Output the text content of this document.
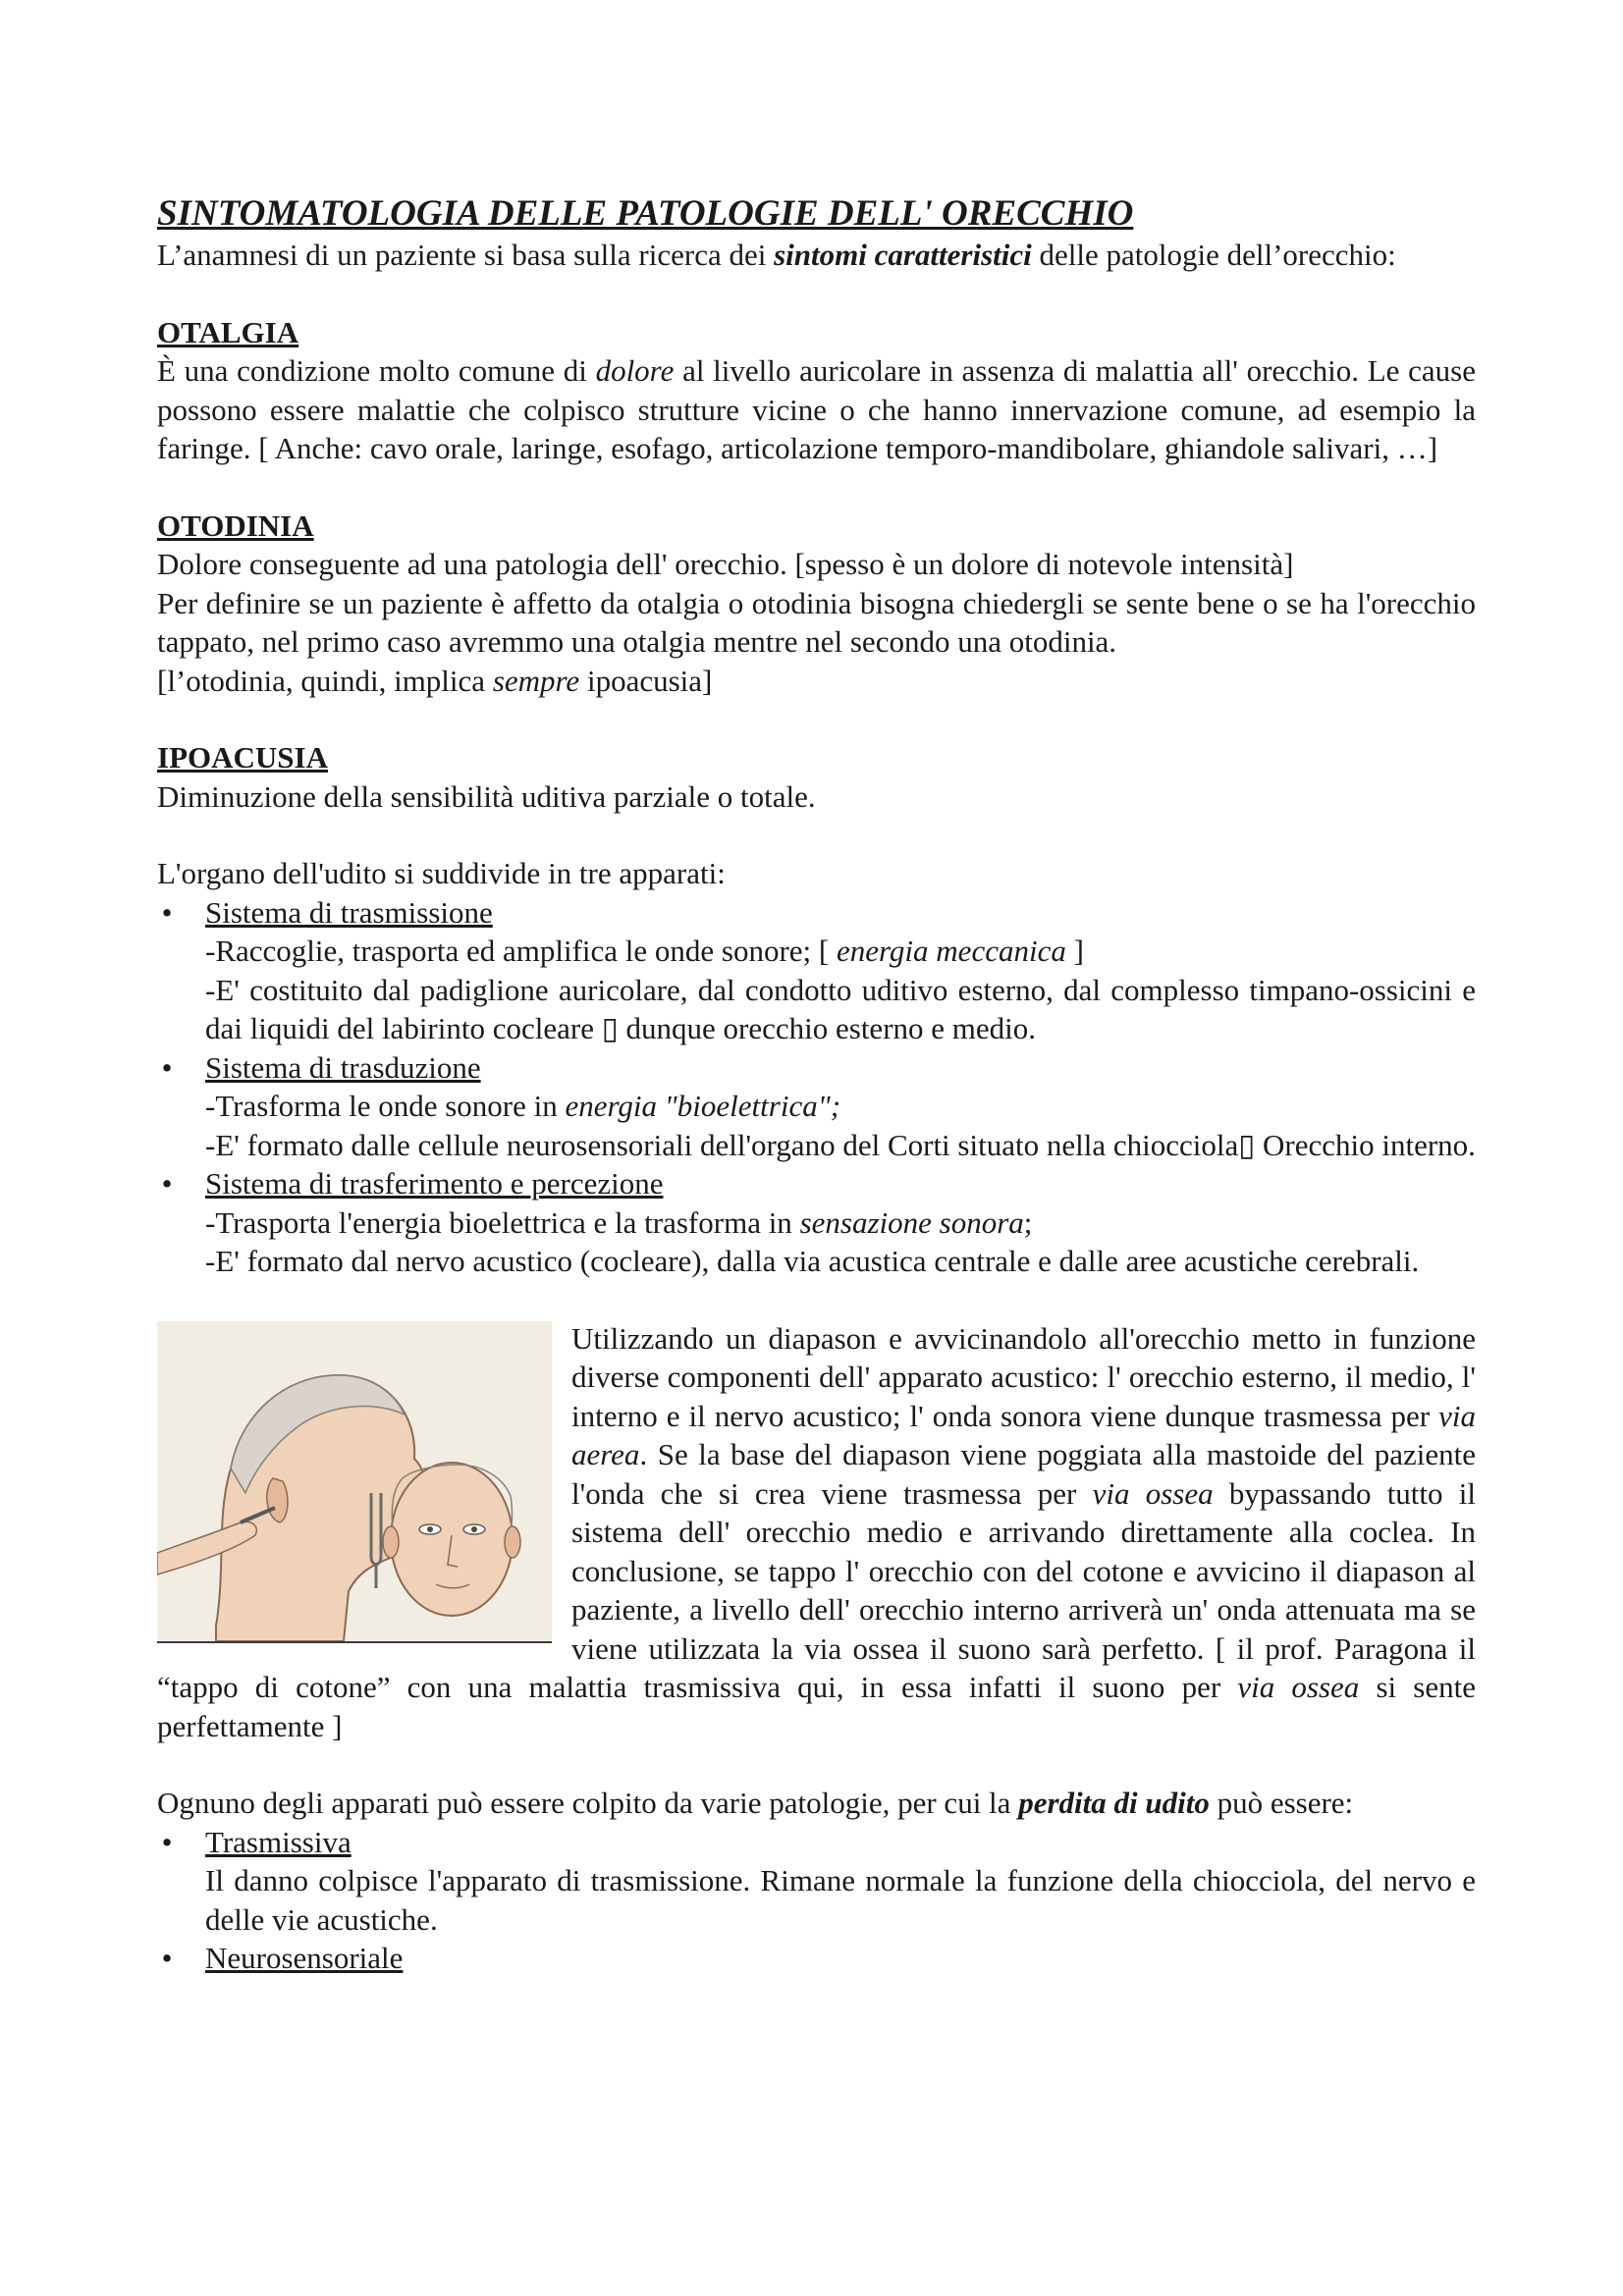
SINTOMATOLOGIA DELLE PATOLOGIE DELL' ORECCHIO

L’anamnesi di un paziente si basa sulla ricerca dei sintomi caratteristici delle patologie dell’orecchio:

OTALGIA

È una condizione molto comune di dolore al livello auricolare in assenza di malattia all' orecchio. Le cause possono essere malattie che colpisco strutture vicine o che hanno innervazione comune, ad esempio la faringe. [ Anche: cavo orale, laringe, esofago, articolazione temporo-mandibolare, ghiandole salivari, …]

OTODINIA

Dolore conseguente ad una patologia dell' orecchio. [spesso è un dolore di notevole intensità]

Per definire se un paziente è affetto da otalgia o otodinia bisogna chiedergli se sente bene o se ha l'orecchio tappato, nel primo caso avremmo una otalgia mentre nel secondo una otodinia.

[l’otodinia, quindi, implica sempre ipoacusia]

IPOACUSIA

Diminuzione della sensibilità uditiva parziale o totale.

L'organo dell'udito si suddivide in tre apparati:

• Sistema di trasmissione

-Raccoglie, trasporta ed amplifica le onde sonore; [ energia meccanica ]

-E' costituito dal padiglione auricolare, dal condotto uditivo esterno, dal complesso timpano-ossicini e dai liquidi del labirinto cocleare ▯ dunque orecchio esterno e medio.

• Sistema di trasduzione

-Trasforma le onde sonore in energia "bioelettrica";

-E' formato dalle cellule neurosensoriali dell'organo del Corti situato nella chiocciola▯ Orecchio interno.

• Sistema di trasferimento e percezione

-Trasporta l'energia bioelettrica e la trasforma in sensazione sonora;

-E' formato dal nervo acustico (cocleare), dalla via acustica centrale e dalle aree acustiche cerebrali.

Utilizzando un diapason e avvicinandolo all'orecchio metto in funzione diverse componenti dell' apparato acustico: l' orecchio esterno, il medio, l' interno e il nervo acustico; l' onda sonora viene dunque trasmessa per via aerea. Se la base del diapason viene poggiata alla mastoide del paziente l'onda che si crea viene trasmessa per via ossea bypassando tutto il sistema dell' orecchio medio e arrivando direttamente alla coclea. In conclusione, se tappo l' orecchio con del cotone e avvicino il diapason al paziente, a livello dell' orecchio interno arriverà un' onda attenuata ma se viene utilizzata la via ossea il suono sarà perfetto. [ il prof. Paragona il “tappo di cotone” con una malattia trasmissiva qui, in essa infatti il suono per via ossea si sente perfettamente ]

Ognuno degli apparati può essere colpito da varie patologie, per cui la perdita di udito può essere:

• Trasmissiva

Il danno colpisce l'apparato di trasmissione. Rimane normale la funzione della chiocciola, del nervo e delle vie acustiche.

• Neurosensoriale
